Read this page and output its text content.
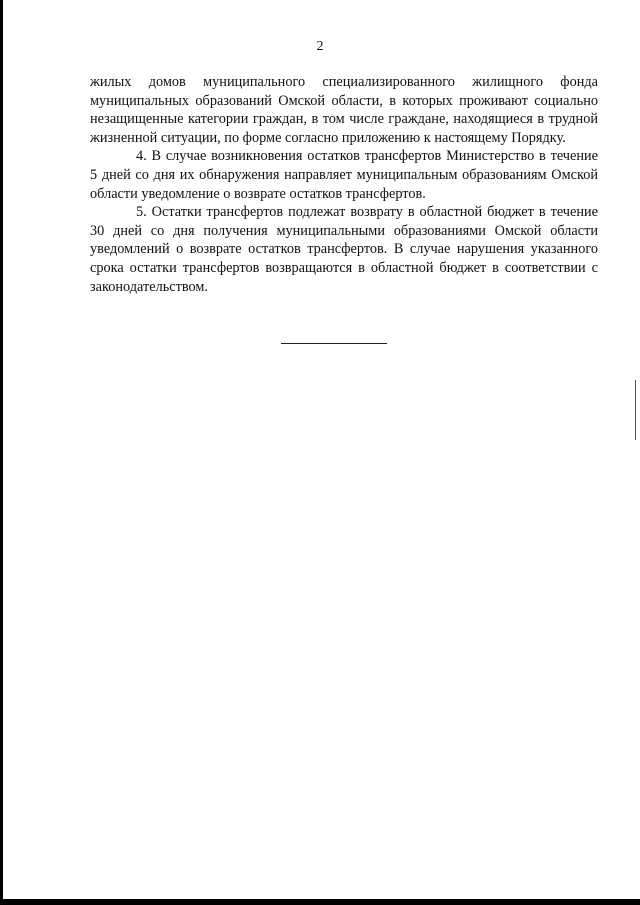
2

жилых домов муниципального специализированного жилищного фонда муниципальных образований Омской области, в которых проживают социально незащищенные категории граждан, в том числе граждане, находящиеся в трудной жизненной ситуации, по форме согласно приложению к настоящему Порядку.

4. В случае возникновения остатков трансфертов Министерство в течение 5 дней со дня их обнаружения направляет муниципальным образованиям Омской области уведомление о возврате остатков трансфертов.

5. Остатки трансфертов подлежат возврату в областной бюджет в течение 30 дней со дня получения муниципальными образованиями Омской области уведомлений о возврате остатков трансфертов. В случае нарушения указанного срока остатки трансфертов возвращаются в областной бюджет в соответствии с законодательством.
